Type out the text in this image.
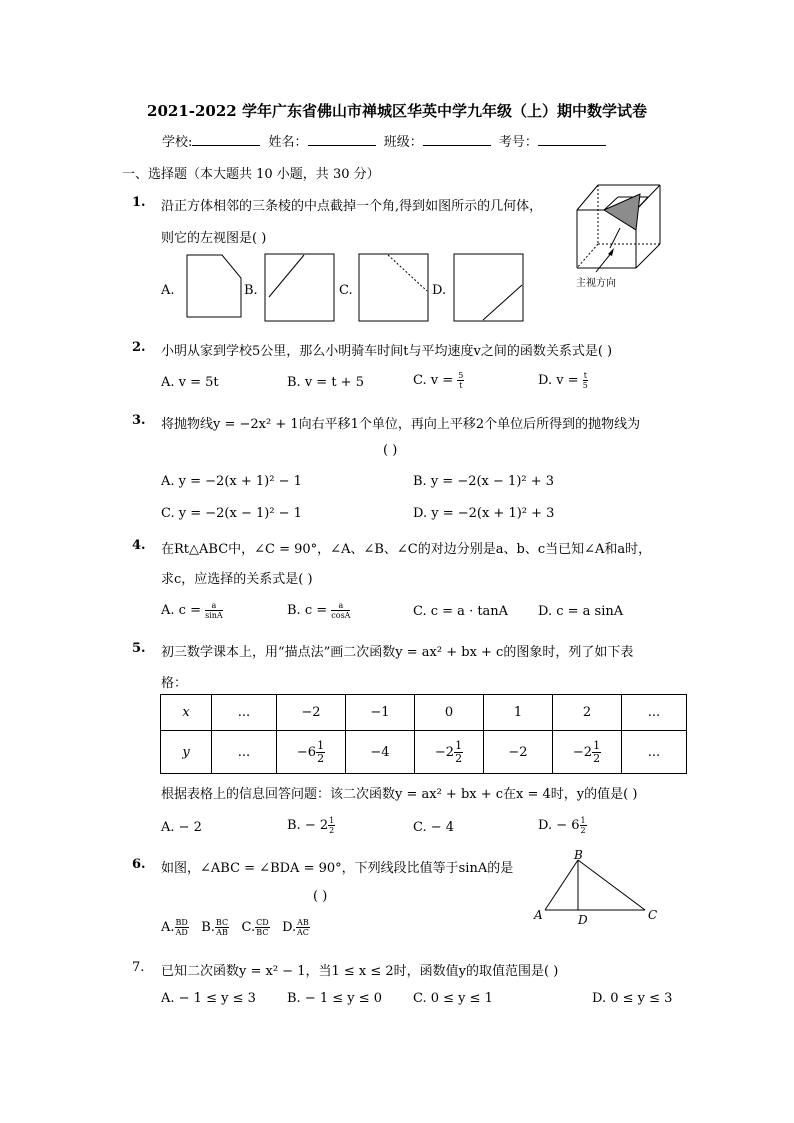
2021-2022 学年广东省佛山市禅城区华英中学九年级（上）期中数学试卷
学校:	姓名：	班级：	考号：
一、选择题（本大题共 10 小题，共 30 分）
1. 沿正方体相邻的三条棱的中点截掉一个角,得到如图所示的几何体，
则它的左视图是( )
主视方向
A.	B.	C.	D.
2. 小明从家到学校5公里，那么小明骑车时间t与平均速度v之间的函数关系式是( )
A. v = 5t	B. v = t + 5	C. $v = \frac{5}{t}$	D. $v = \frac{t}{5}$
3. 将抛物线y = −2x² + 1向右平移1个单位，再向上平移2个单位后所得到的抛物线为
( )
A. y = −2(x + 1)² − 1	B. y = −2(x − 1)² + 3
C. y = −2(x − 1)² − 1	D. y = −2(x + 1)² + 3
4. 在Rt△ABC中，∠C = 90°，∠A、∠B、∠C的对边分别是a、b、c当已知∠A和a时，
求c，应选择的关系式是( )
A. $c = \frac{a}{\sin A}$	B. $c = \frac{a}{\cos A}$	C. c = a · tanA D. c = a sinA
5. 初三数学课本上，用“描点法”画二次函数y = ax² + bx + c的图象时，列了如下表
格：
x	...	−2	−1	0	1	2	...
y	...	$-6 \frac{1}{2}$	−4	$-2 \frac{1}{2}$	−2	$-2 \frac{1}{2}$	...
根据表格上的信息回答问题：该二次函数y = ax² + bx + c在x = 4时，y的值是( )
A. − 2	B. − $2 \frac{1}{2}$	C. − 4	D. − $6 \frac{1}{2}$
6. 如图，∠ABC = ∠BDA = 90°，下列线段比值等于sinA的是
( )
A. $\frac{BD}{AD} B$. $\frac{BC}{AB} C$. $\frac{CD}{BC} D$. $\frac{AB}{AC}$
B
A	D	C
7. 已知二次函数y = x² − 1，当1 ≤ x ≤ 2时，函数值y的取值范围是( )
A. − 1 ≤ y ≤ 3 B. − 1 ≤ y ≤ 0 C. 0 ≤ y ≤ 1	D. 0 ≤ y ≤ 3
